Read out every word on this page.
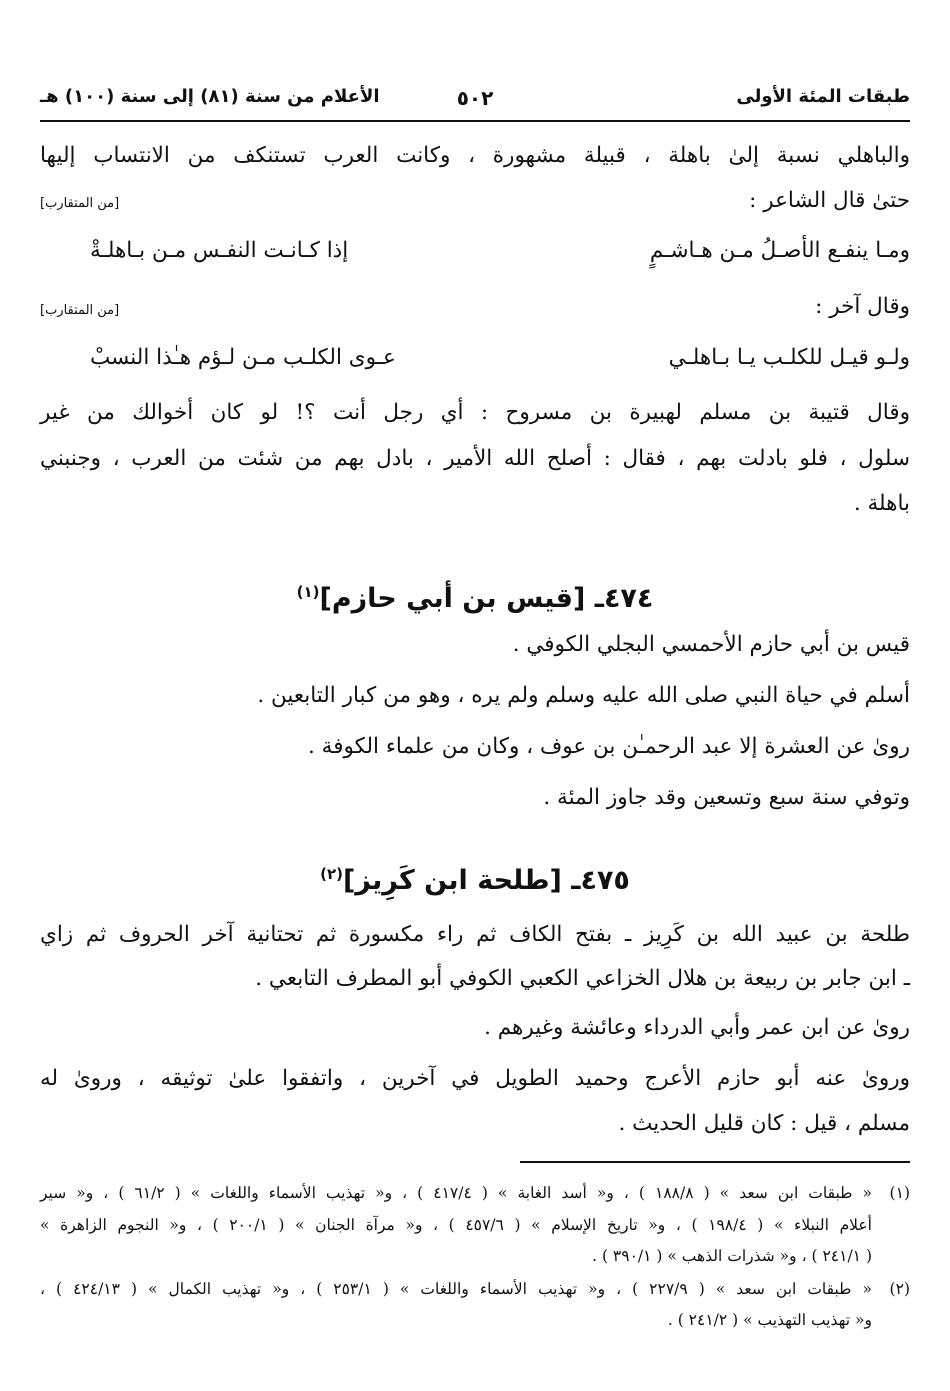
طبقات المئة الأولى
٥٠٢
الأعلام من سنة (٨١) إلى سنة (١٠٠) هـ
والباهلي نسبة إلىٰ باهلة ، قبيلة مشهورة ، وكانت العرب تستنكف من الانتساب إليها
حتىٰ قال الشاعر :
[من المتقارب]
ومـا ينفـع الأصـلُ مـن هـاشـمٍ
إذا كـانـت النفـس مـن بـاهلـةْ
وقال آخر :
[من المتقارب]
ولـو قيـل للكلـب يـا بـاهلـي
عـوى الكلـب مـن لـؤم هـٰذا النسبْ
وقال قتيبة بن مسلم لهبيرة بن مسروح : أي رجل أنت ؟! لو كان أخوالك من غير
سلول ، فلو بادلت بهم ، فقال : أصلح الله الأمير ، بادل بهم من شئت من العرب ، وجنبني
باهلة .
٤٧٤ـ [قيس بن أبي حازم]$^{(١)}$
قيس بن أبي حازم الأحمسي البجلي الكوفي .
أسلم في حياة النبي صلى الله عليه وسلم ولم يره ، وهو من كبار التابعين .
روىٰ عن العشرة إلا عبد الرحمـٰن بن عوف ، وكان من علماء الكوفة .
وتوفي سنة سبع وتسعين وقد جاوز المئة .
٤٧٥ـ [طلحة ابن كَرِيز]$^{(٢)}$
طلحة بن عبيد الله بن كَرِيز ـ بفتح الكاف ثم راء مكسورة ثم تحتانية آخر الحروف ثم زاي
ـ ابن جابر بن ربيعة بن هلال الخزاعي الكعبي الكوفي أبو المطرف التابعي .
روىٰ عن ابن عمر وأبي الدرداء وعائشة وغيرهم .
وروىٰ عنه أبو حازم الأعرج وحميد الطويل في آخرين ، واتفقوا علىٰ توثيقه ، وروىٰ له
مسلم ، قيل : كان قليل الحديث .
(١)
« طبقات ابن سعد » ( ١٨٨/٨ ) ، و« أسد الغابة » ( ٤١٧/٤ ) ، و« تهذيب الأسماء واللغات » ( ٦١/٢ ) ، و« سير
أعلام النبلاء » ( ١٩٨/٤ ) ، و« تاريخ الإسلام » ( ٤٥٧/٦ ) ، و« مرآة الجنان » ( ٢٠٠/١ ) ، و« النجوم الزاهرة »
( ٢٤١/١ ) ، و« شذرات الذهب » ( ٣٩٠/١ ) .
(٢)
« طبقات ابن سعد » ( ٢٢٧/٩ ) ، و« تهذيب الأسماء واللغات » ( ٢٥٣/١ ) ، و« تهذيب الكمال » ( ٤٢٤/١٣ ) ،
و« تهذيب التهذيب » ( ٢٤١/٢ ) .
